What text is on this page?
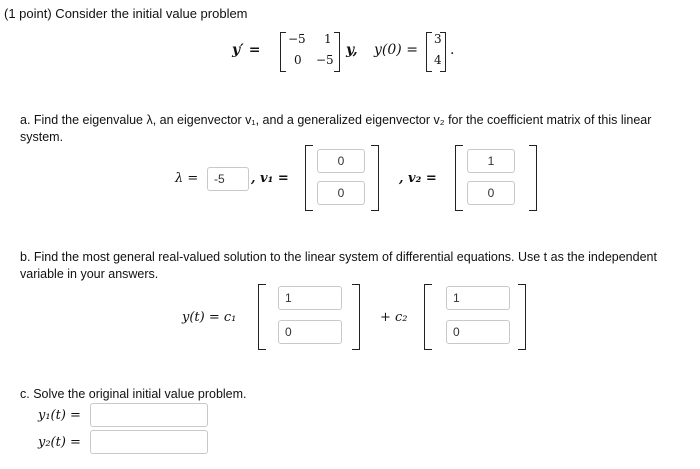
(1 point) Consider the initial value problem
y′ =
−5 1
0 −5
y, y(0) =
3
4
.
a. Find the eigenvalue λ, an eigenvector v₁, and a generalized eigenvector v₂ for the coefficient matrix of this linear system.
λ =	-5	, v₁ =
0
0
, v₂ =
1
0
b. Find the most general real-valued solution to the linear system of differential equations. Use t as the independent variable in your answers.
y(t) = c₁
1
0
+ c₂
1
0
c. Solve the original initial value problem.
y₁(t) =
y₂(t) =
